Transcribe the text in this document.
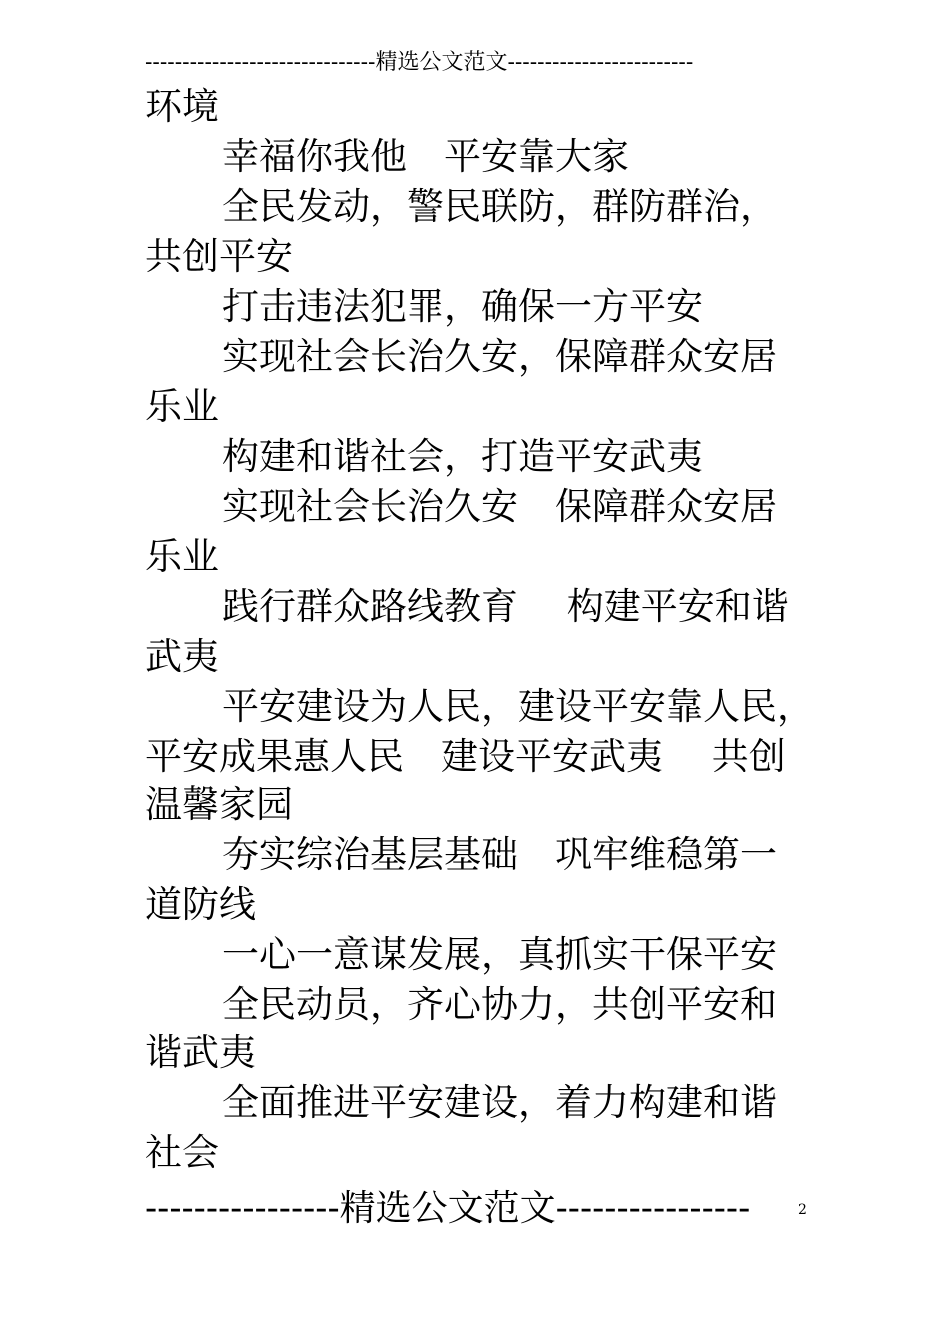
-------------------------------精选公文范文-------------------------
环境
幸福你我他　平安靠大家
全民发动，警民联防，群防群治，
共创平安
打击违法犯罪，确保一方平安
实现社会长治久安，保障群众安居
乐业
构建和谐社会，打造平安武夷
实现社会长治久安　保障群众安居
乐业
践行群众路线教育　 构建平安和谐
武夷
平安建设为人民，建设平安靠人民，
平安成果惠人民　建设平安武夷　 共创
温馨家园
夯实综治基层基础　巩牢维稳第一
道防线
一心一意谋发展，真抓实干保平安
全民动员，齐心协力，共创平安和
谐武夷
全面推进平安建设，着力构建和谐
社会
----------------精选公文范文----------------	2
